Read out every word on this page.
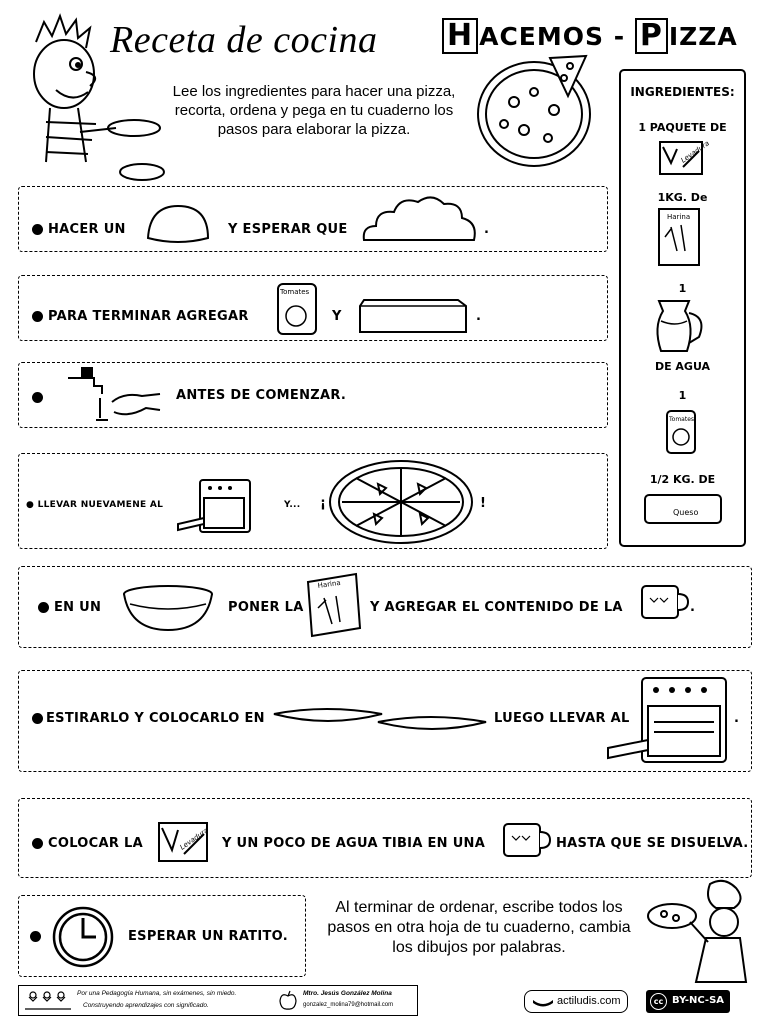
Receta de cocina H ACEMOS - P IZZA
Lee los ingredientes para hacer una pizza, recorta, ordena y pega en tu cuaderno los pasos para elaborar la pizza.
INGREDIENTES:
1 PAQUETE DE
Levadura
1KG. De
Harina
1
DE AGUA
1
Tomates
1/2 KG. DE
Queso
HACER UN	Y ESPERAR QUE	.
PARA TERMINAR AGREGAR
Tomates
Y	.
ANTES DE COMENZAR.
● LLEVAR NUEVAMENE AL	Y... ¡	!
EN UN	PONER LA
Harina
Y AGREGAR EL CONTENIDO DE LA	.
ESTIRARLO Y COLOCARLO EN	LUEGO LLEVAR AL	.
COLOCAR LA	Levadura Y UN POCO DE AGUA TIBIA EN UNA	HASTA QUE SE DISUELVA.
ESPERAR UN RATITO.
Al terminar de ordenar, escribe todos los pasos en otra hoja de tu cuaderno, cambia los dibujos por palabras.
Por una Pedagogía Humana, sin exámenes, sin miedo.
Construyendo aprendizajes con significado.
Mtro. Jesús González Molina
gonzalez_molina79@hotmail.com	actiludis.com	cc BY-NC-SA
